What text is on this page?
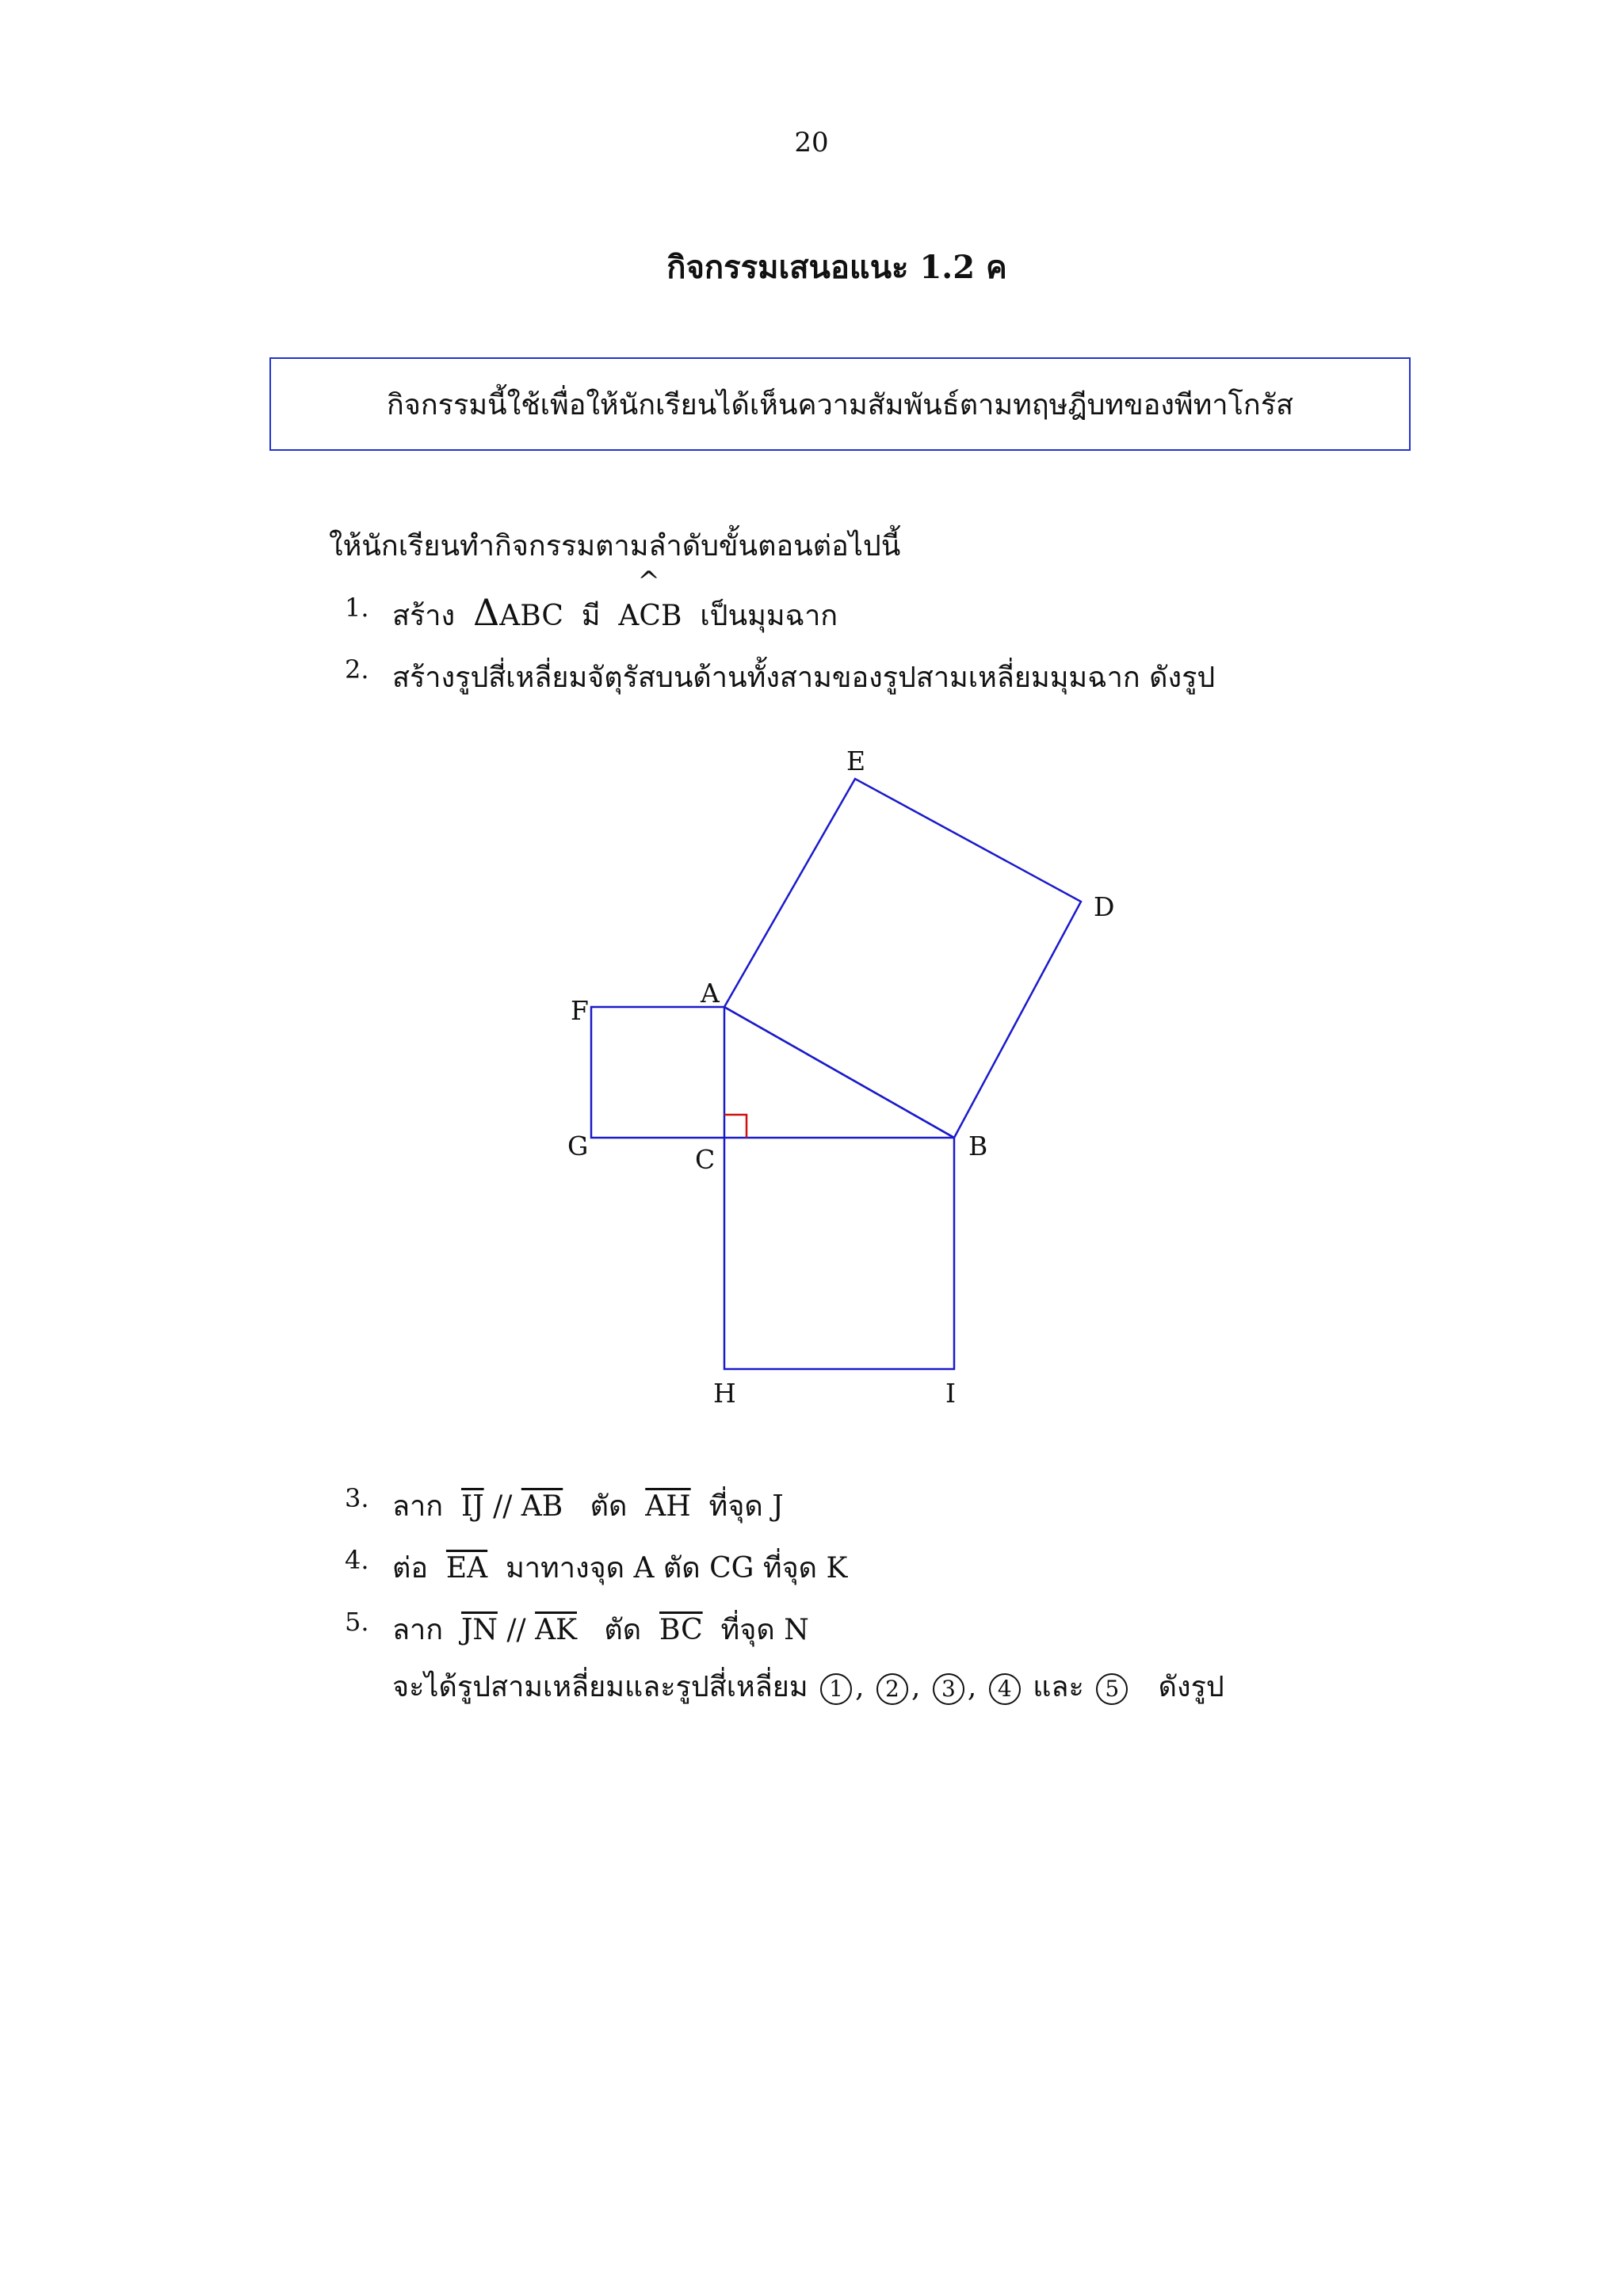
20
กิจกรรมเสนอแนะ 1.2 ค
กิจกรรมนี้ใช้เพื่อให้นักเรียนได้เห็นความสัมพันธ์ตามทฤษฎีบทของพีทาโกรัส
ให้นักเรียนทำกิจกรรมตามลำดับขั้นตอนต่อไปนี้
1. สร้าง ΔABC มี
^
ACB เป็นมุมฉาก
2. สร้างรูปสี่เหลี่ยมจัตุรัสบนด้านทั้งสามของรูปสามเหลี่ยมมุมฉาก ดังรูป
E
D
A
F
G	C	B
H	I
3. ลาก $\overline{IJ} // \overline{AB}$ ตัด $\overline{AH}$ ที่จุด J
4. ต่อ $\overline{EA}$ มาทางจุด A ตัด CG ที่จุด K
5. ลาก $\overline{JN} // \overline{AK}$ ตัด $\overline{BC}$ ที่จุด N
จะได้รูปสามเหลี่ยมและรูปสี่เหลี่ยม 1 , 2 , 3 , 4 และ 5 ดังรูป
